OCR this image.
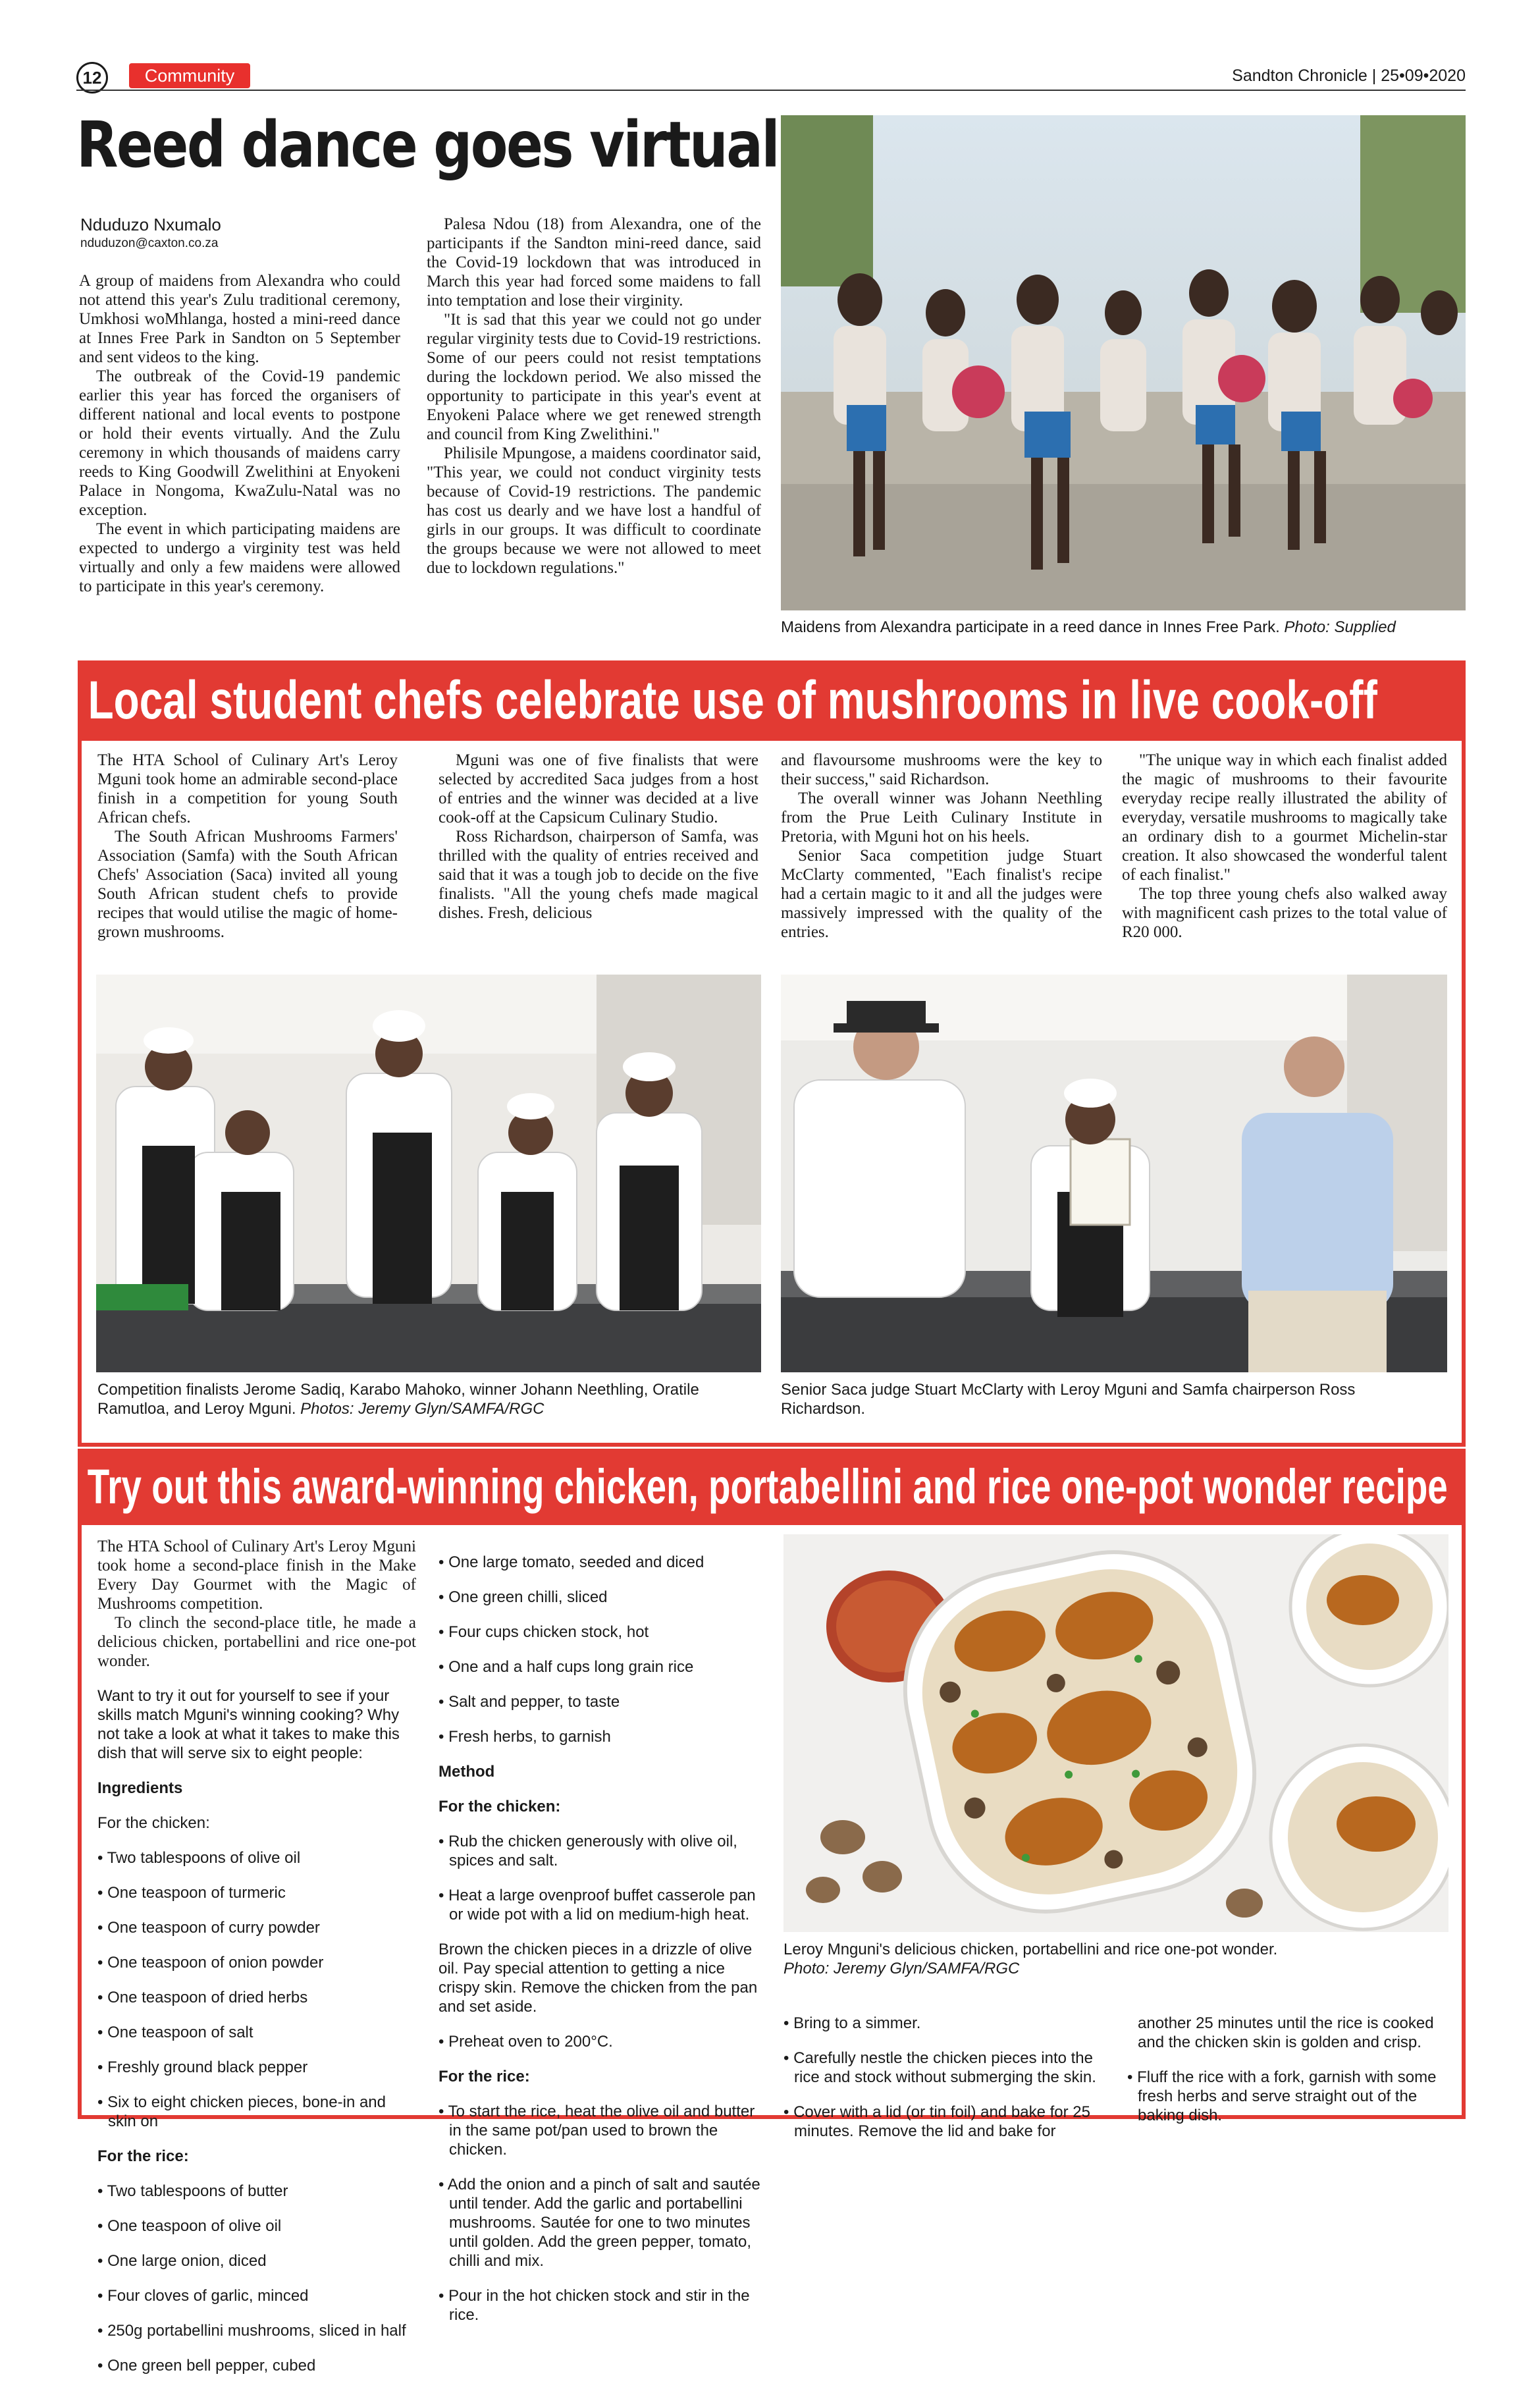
12	Community	Sandton Chronicle | 25•09•2020
Reed dance goes virtual
Nduduzo Nxumalo
nduduzon@caxton.co.za

A group of maidens from Alexandra who could not attend this year's Zulu traditional ceremony, Umkhosi woMhlanga, hosted a mini-reed dance at Innes Free Park in Sandton on 5 September and sent videos to the king.

The outbreak of the Covid-19 pandemic earlier this year has forced the organisers of different national and local events to postpone or hold their events virtually. And the Zulu ceremony in which thousands of maidens carry reeds to King Goodwill Zwelithini at Enyokeni Palace in Nongoma, KwaZulu-Natal was no exception.

The event in which participating maidens are expected to undergo a virginity test was held virtually and only a few maidens were allowed to participate in this year's ceremony.

Palesa Ndou (18) from Alexandra, one of the participants if the Sandton mini-reed dance, said the Covid-19 lockdown that was introduced in March this year had forced some maidens to fall into temptation and lose their virginity.

"It is sad that this year we could not go under regular virginity tests due to Covid-19 restrictions. Some of our peers could not resist temptations during the lockdown period. We also missed the opportunity to participate in this year's event at Enyokeni Palace where we get renewed strength and council from King Zwelithini."

Philisile Mpungose, a maidens coordinator said, "This year, we could not conduct virginity tests because of Covid-19 restrictions. The pandemic has cost us dearly and we have lost a handful of girls in our groups. It was difficult to coordinate the groups because we were not allowed to meet due to lockdown regulations."

Maidens from Alexandra participate in a reed dance in Innes Free Park. Photo: Supplied
Local student chefs celebrate use of mushrooms in live cook-off

The HTA School of Culinary Art's Leroy Mguni took home an admirable second-place finish in a competition for young South African chefs.

The South African Mushrooms Farmers' Association (Samfa) with the South African Chefs' Association (Saca) invited all young South African student chefs to provide recipes that would utilise the magic of home-grown mushrooms.

Mguni was one of five finalists that were selected by accredited Saca judges from a host of entries and the winner was decided at a live cook-off at the Capsicum Culinary Studio.

Ross Richardson, chairperson of Samfa, was thrilled with the quality of entries received and said that it was a tough job to decide on the five finalists. "All the young chefs made magical dishes. Fresh, delicious

and flavoursome mushrooms were the key to their success," said Richardson.

The overall winner was Johann Neethling from the Prue Leith Culinary Institute in Pretoria, with Mguni hot on his heels.

Senior Saca competition judge Stuart McClarty commented, "Each finalist's recipe had a certain magic to it and all the judges were massively impressed with the quality of the entries.

"The unique way in which each finalist added the magic of mushrooms to their favourite everyday recipe really illustrated the ability of everyday, versatile mushrooms to magically take an ordinary dish to a gourmet Michelin-star creation. It also showcased the wonderful talent of each finalist."

The top three young chefs also walked away with magnificent cash prizes to the total value of R20 000.

Competition finalists Jerome Sadiq, Karabo Mahoko, winner Johann Neethling, Oratile Ramutloa, and Leroy Mguni. Photos: Jeremy Glyn/SAMFA/RGC
Senior Saca judge Stuart McClarty with Leroy Mguni and Samfa chairperson Ross Richardson.
Try out this award-winning chicken, portabellini and rice one-pot wonder recipe

The HTA School of Culinary Art's Leroy Mguni took home a second-place finish in the Make Every Day Gourmet with the Magic of Mushrooms competition.

To clinch the second-place title, he made a delicious chicken, portabellini and rice one-pot wonder.

Want to try it out for yourself to see if your skills match Mguni's winning cooking? Why not take a look at what it takes to make this dish that will serve six to eight people:

Ingredients

For the chicken:

• Two tablespoons of olive oil

• One teaspoon of turmeric

• One teaspoon of curry powder

• One teaspoon of onion powder

• One teaspoon of dried herbs

• One teaspoon of salt

• Freshly ground black pepper

• Six to eight chicken pieces, bone-in and skin on

For the rice:

• Two tablespoons of butter

• One teaspoon of olive oil

• One large onion, diced

• Four cloves of garlic, minced

• 250g portabellini mushrooms, sliced in half

• One green bell pepper, cubed

• One large tomato, seeded and diced

• One green chilli, sliced

• Four cups chicken stock, hot

• One and a half cups long grain rice

• Salt and pepper, to taste

• Fresh herbs, to garnish

Method

For the chicken:

• Rub the chicken generously with olive oil, spices and salt.

• Heat a large ovenproof buffet casserole pan or wide pot with a lid on medium-high heat.

Brown the chicken pieces in a drizzle of olive oil. Pay special attention to getting a nice crispy skin. Remove the chicken from the pan and set aside.

• Preheat oven to 200°C.

For the rice:

• To start the rice, heat the olive oil and butter in the same pot/pan used to brown the chicken.

• Add the onion and a pinch of salt and sautée until tender. Add the garlic and portabellini mushrooms. Sautée for one to two minutes until golden. Add the green pepper, tomato, chilli and mix.

• Pour in the hot chicken stock and stir in the rice.

Leroy Mnguni's delicious chicken, portabellini and rice one-pot wonder.
Photo: Jeremy Glyn/SAMFA/RGC

• Bring to a simmer.

• Carefully nestle the chicken pieces into the rice and stock without submerging the skin.

• Cover with a lid (or tin foil) and bake for 25 minutes. Remove the lid and bake for

another 25 minutes until the rice is cooked and the chicken skin is golden and crisp.

• Fluff the rice with a fork, garnish with some fresh herbs and serve straight out of the baking dish.
